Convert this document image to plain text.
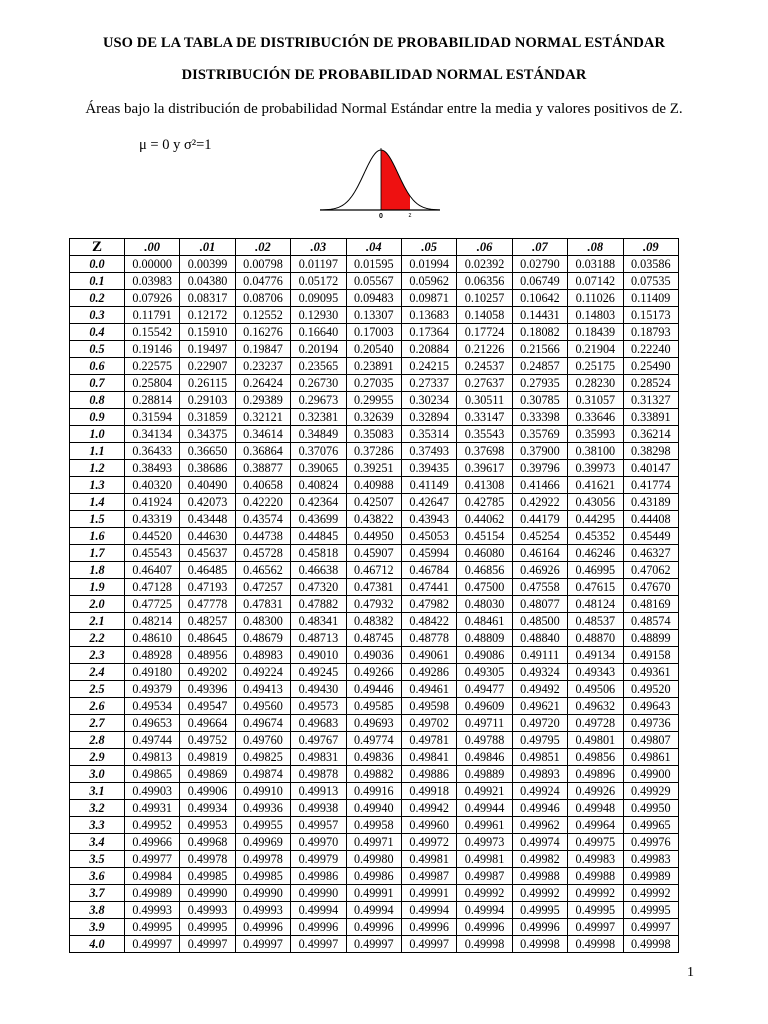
USO DE LA TABLA DE DISTRIBUCIÓN DE PROBABILIDAD NORMAL ESTÁNDAR
DISTRIBUCIÓN DE PROBABILIDAD NORMAL ESTÁNDAR
Áreas bajo la distribución de probabilidad Normal Estándar entre la media y valores positivos de Z.
μ = 0 y σ²=1
0	z
Z	.00	.01	.02	.03	.04	.05	.06	.07	.08	.09
0.0	0.00000	0.00399	0.00798	0.01197	0.01595	0.01994	0.02392	0.02790	0.03188	0.03586
0.1	0.03983	0.04380	0.04776	0.05172	0.05567	0.05962	0.06356	0.06749	0.07142	0.07535
0.2	0.07926	0.08317	0.08706	0.09095	0.09483	0.09871	0.10257	0.10642	0.11026	0.11409
0.3	0.11791	0.12172	0.12552	0.12930	0.13307	0.13683	0.14058	0.14431	0.14803	0.15173
0.4	0.15542	0.15910	0.16276	0.16640	0.17003	0.17364	0.17724	0.18082	0.18439	0.18793
0.5	0.19146	0.19497	0.19847	0.20194	0.20540	0.20884	0.21226	0.21566	0.21904	0.22240
0.6	0.22575	0.22907	0.23237	0.23565	0.23891	0.24215	0.24537	0.24857	0.25175	0.25490
0.7	0.25804	0.26115	0.26424	0.26730	0.27035	0.27337	0.27637	0.27935	0.28230	0.28524
0.8	0.28814	0.29103	0.29389	0.29673	0.29955	0.30234	0.30511	0.30785	0.31057	0.31327
0.9	0.31594	0.31859	0.32121	0.32381	0.32639	0.32894	0.33147	0.33398	0.33646	0.33891
1.0	0.34134	0.34375	0.34614	0.34849	0.35083	0.35314	0.35543	0.35769	0.35993	0.36214
1.1	0.36433	0.36650	0.36864	0.37076	0.37286	0.37493	0.37698	0.37900	0.38100	0.38298
1.2	0.38493	0.38686	0.38877	0.39065	0.39251	0.39435	0.39617	0.39796	0.39973	0.40147
1.3	0.40320	0.40490	0.40658	0.40824	0.40988	0.41149	0.41308	0.41466	0.41621	0.41774
1.4	0.41924	0.42073	0.42220	0.42364	0.42507	0.42647	0.42785	0.42922	0.43056	0.43189
1.5	0.43319	0.43448	0.43574	0.43699	0.43822	0.43943	0.44062	0.44179	0.44295	0.44408
1.6	0.44520	0.44630	0.44738	0.44845	0.44950	0.45053	0.45154	0.45254	0.45352	0.45449
1.7	0.45543	0.45637	0.45728	0.45818	0.45907	0.45994	0.46080	0.46164	0.46246	0.46327
1.8	0.46407	0.46485	0.46562	0.46638	0.46712	0.46784	0.46856	0.46926	0.46995	0.47062
1.9	0.47128	0.47193	0.47257	0.47320	0.47381	0.47441	0.47500	0.47558	0.47615	0.47670
2.0	0.47725	0.47778	0.47831	0.47882	0.47932	0.47982	0.48030	0.48077	0.48124	0.48169
2.1	0.48214	0.48257	0.48300	0.48341	0.48382	0.48422	0.48461	0.48500	0.48537	0.48574
2.2	0.48610	0.48645	0.48679	0.48713	0.48745	0.48778	0.48809	0.48840	0.48870	0.48899
2.3	0.48928	0.48956	0.48983	0.49010	0.49036	0.49061	0.49086	0.49111	0.49134	0.49158
2.4	0.49180	0.49202	0.49224	0.49245	0.49266	0.49286	0.49305	0.49324	0.49343	0.49361
2.5	0.49379	0.49396	0.49413	0.49430	0.49446	0.49461	0.49477	0.49492	0.49506	0.49520
2.6	0.49534	0.49547	0.49560	0.49573	0.49585	0.49598	0.49609	0.49621	0.49632	0.49643
2.7	0.49653	0.49664	0.49674	0.49683	0.49693	0.49702	0.49711	0.49720	0.49728	0.49736
2.8	0.49744	0.49752	0.49760	0.49767	0.49774	0.49781	0.49788	0.49795	0.49801	0.49807
2.9	0.49813	0.49819	0.49825	0.49831	0.49836	0.49841	0.49846	0.49851	0.49856	0.49861
3.0	0.49865	0.49869	0.49874	0.49878	0.49882	0.49886	0.49889	0.49893	0.49896	0.49900
3.1	0.49903	0.49906	0.49910	0.49913	0.49916	0.49918	0.49921	0.49924	0.49926	0.49929
3.2	0.49931	0.49934	0.49936	0.49938	0.49940	0.49942	0.49944	0.49946	0.49948	0.49950
3.3	0.49952	0.49953	0.49955	0.49957	0.49958	0.49960	0.49961	0.49962	0.49964	0.49965
3.4	0.49966	0.49968	0.49969	0.49970	0.49971	0.49972	0.49973	0.49974	0.49975	0.49976
3.5	0.49977	0.49978	0.49978	0.49979	0.49980	0.49981	0.49981	0.49982	0.49983	0.49983
3.6	0.49984	0.49985	0.49985	0.49986	0.49986	0.49987	0.49987	0.49988	0.49988	0.49989
3.7	0.49989	0.49990	0.49990	0.49990	0.49991	0.49991	0.49992	0.49992	0.49992	0.49992
3.8	0.49993	0.49993	0.49993	0.49994	0.49994	0.49994	0.49994	0.49995	0.49995	0.49995
3.9	0.49995	0.49995	0.49996	0.49996	0.49996	0.49996	0.49996	0.49996	0.49997	0.49997
4.0	0.49997	0.49997	0.49997	0.49997	0.49997	0.49997	0.49998	0.49998	0.49998	0.49998
1
